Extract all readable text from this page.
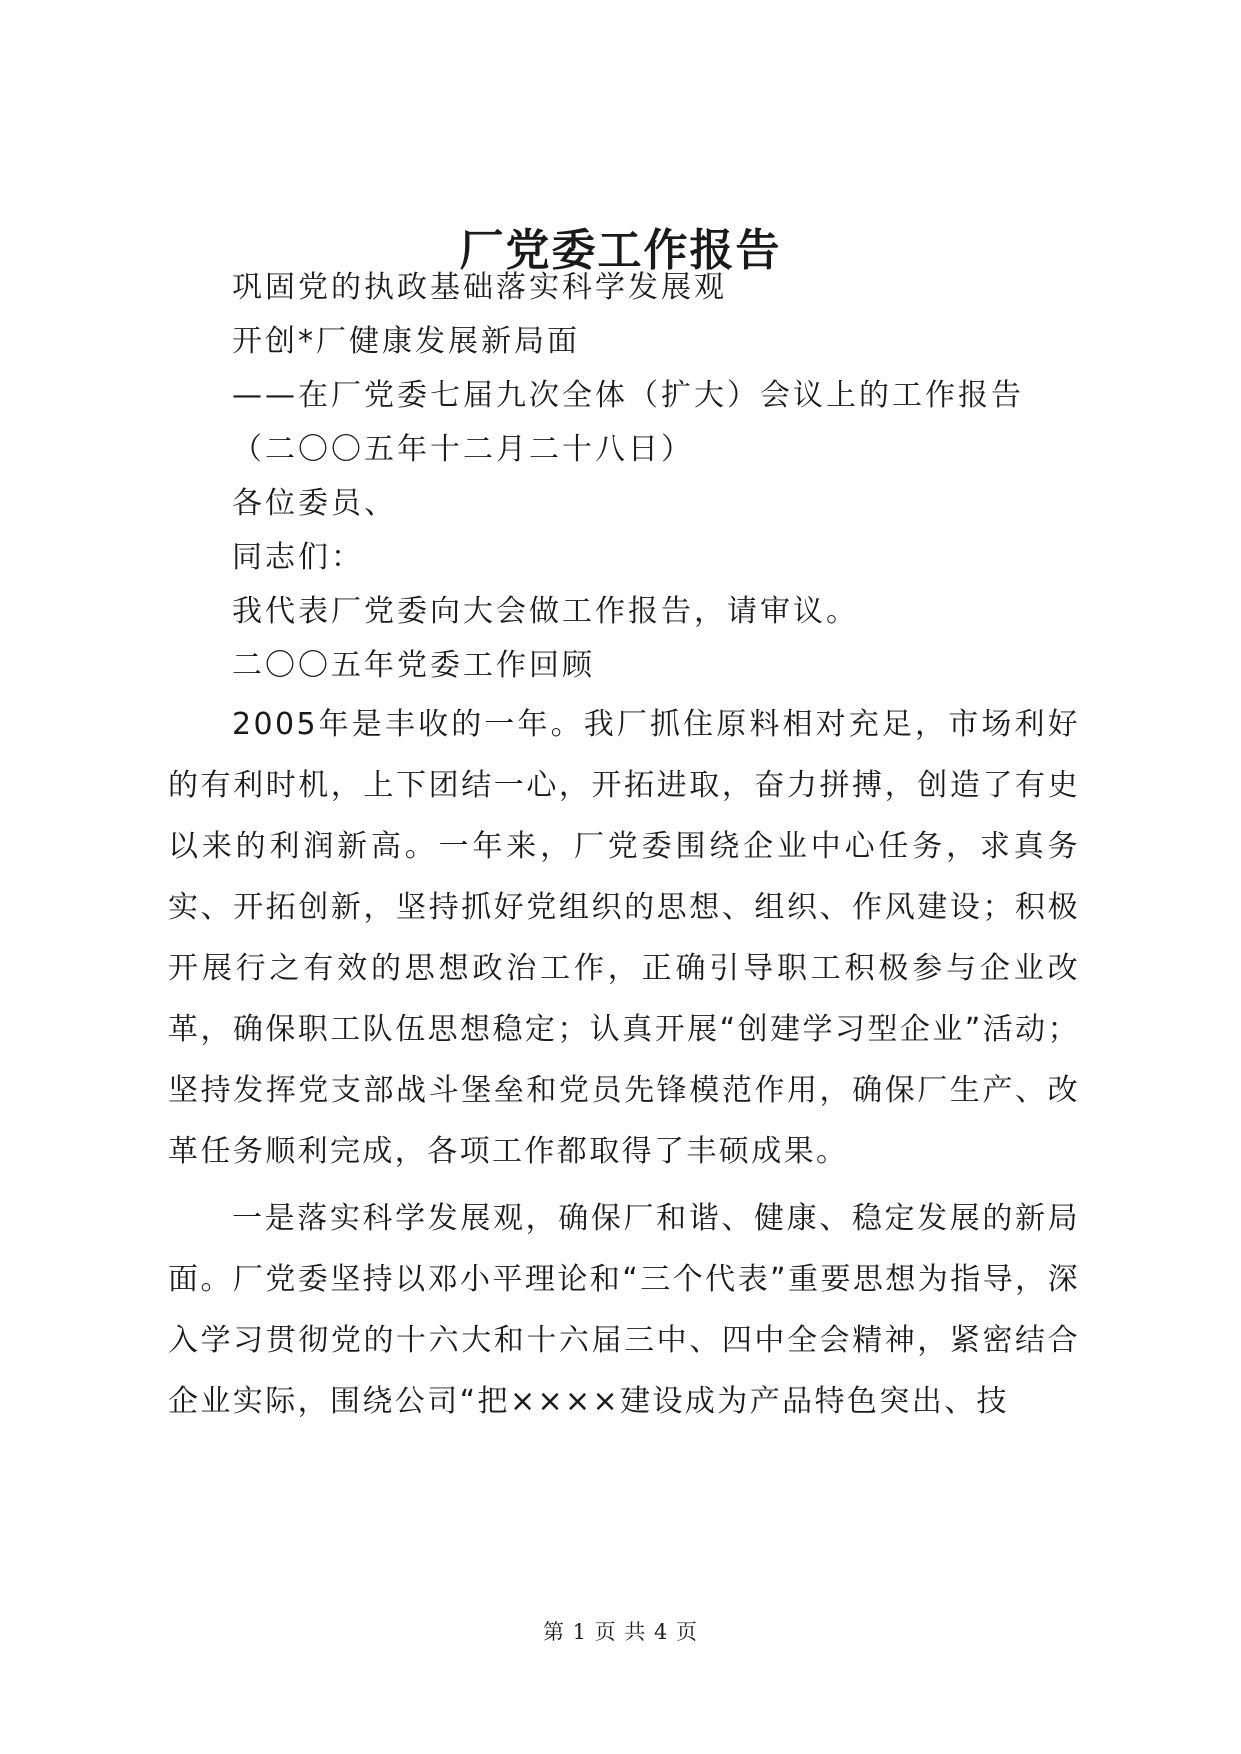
厂党委工作报告

巩固党的执政基础落实科学发展观

开创*厂健康发展新局面

——在厂党委七届九次全体（扩大）会议上的工作报告

（二〇〇五年十二月二十八日）

各位委员、

同志们：

我代表厂党委向大会做工作报告，请审议。

二〇〇五年党委工作回顾

2005年是丰收的一年。我厂抓住原料相对充足，市场利好的有利时机，上下团结一心，开拓进取，奋力拼搏，创造了有史以来的利润新高。一年来，厂党委围绕企业中心任务，求真务实、开拓创新，坚持抓好党组织的思想、组织、作风建设；积极开展行之有效的思想政治工作，正确引导职工积极参与企业改革，确保职工队伍思想稳定；认真开展“创建学习型企业”活动；坚持发挥党支部战斗堡垒和党员先锋模范作用，确保厂生产、改革任务顺利完成，各项工作都取得了丰硕成果。

一是落实科学发展观，确保厂和谐、健康、稳定发展的新局面。厂党委坚持以邓小平理论和“三个代表”重要思想为指导，深入学习贯彻党的十六大和十六届三中、四中全会精神，紧密结合企业实际，围绕公司“把××××建设成为产品特色突出、技

第 1 页 共 4 页
